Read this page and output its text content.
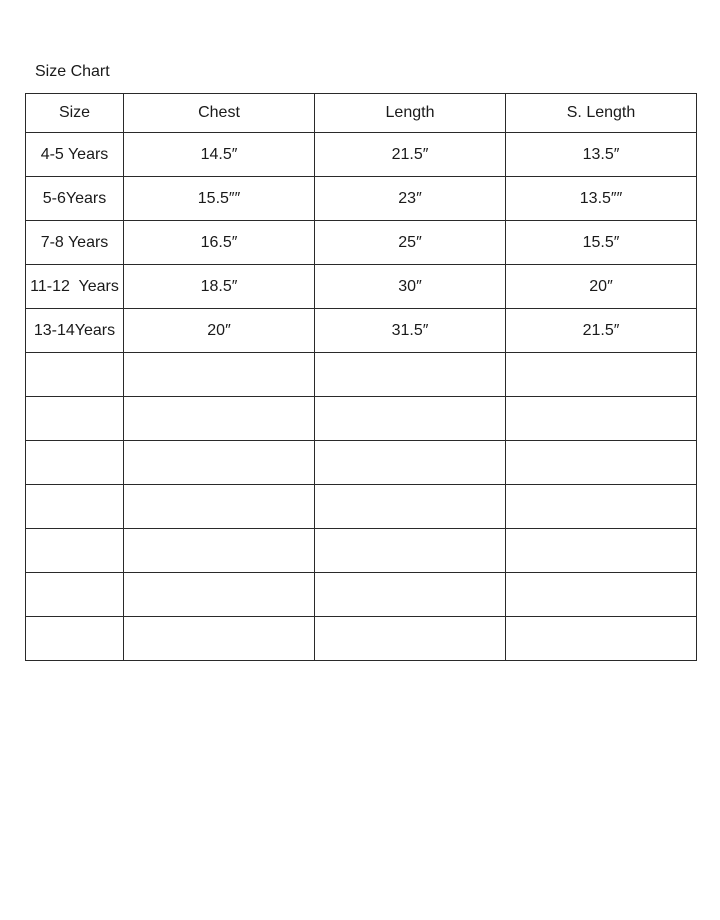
Size Chart
Size	Chest	Length	S. Length
4-5 Years	14.5″	21.5″	13.5″
5-6Years	15.5″″	23″	13.5″″
7-8 Years	16.5″	25″	15.5″
11-12  Years	18.5″	30″	20″
13-14Years	20″	31.5″	21.5″
